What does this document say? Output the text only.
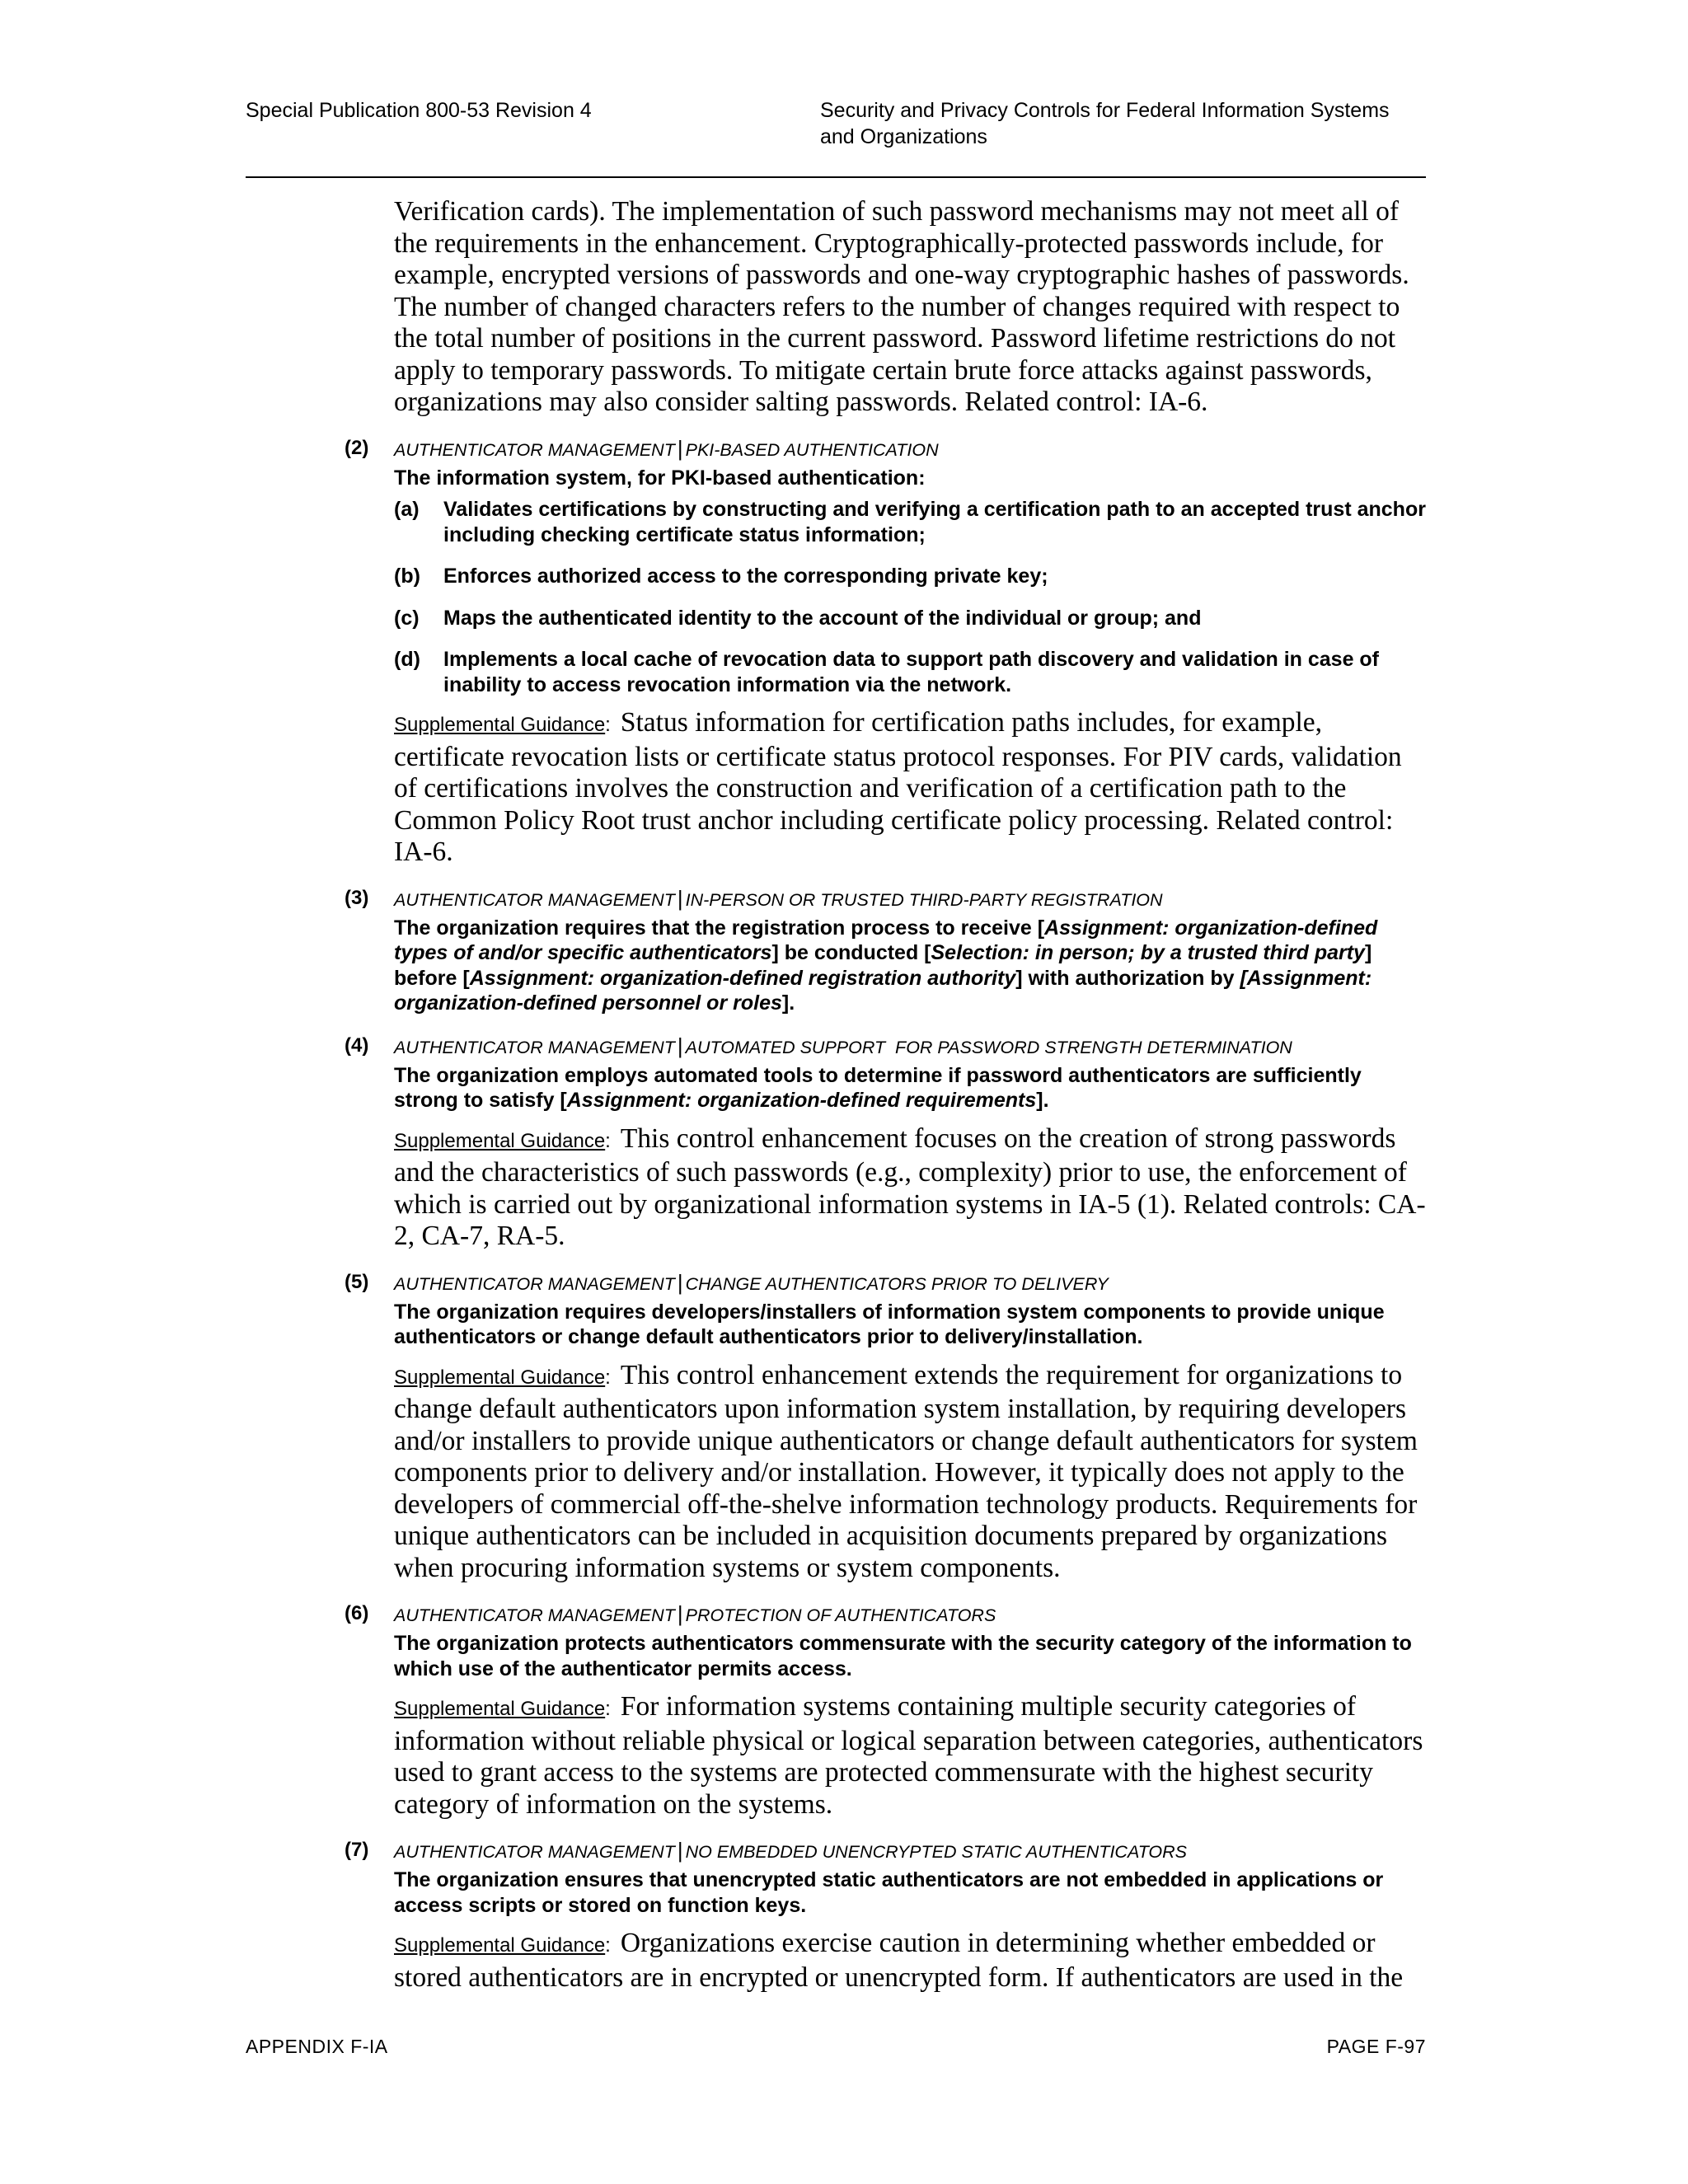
Special Publication 800-53 Revision 4	Security and Privacy Controls for Federal Information Systems
and Organizations

Verification cards). The implementation of such password mechanisms may not meet all of the requirements in the enhancement. Cryptographically-protected passwords include, for example, encrypted versions of passwords and one-way cryptographic hashes of passwords. The number of changed characters refers to the number of changes required with respect to the total number of positions in the current password. Password lifetime restrictions do not apply to temporary passwords. To mitigate certain brute force attacks against passwords, organizations may also consider salting passwords. Related control: IA-6.

(2) AUTHENTICATOR MANAGEMENT | PKI-BASED AUTHENTICATION
The information system, for PKI-based authentication:
(a) Validates certifications by constructing and verifying a certification path to an accepted trust anchor including checking certificate status information;
(b) Enforces authorized access to the corresponding private key;
(c) Maps the authenticated identity to the account of the individual or group; and
(d) Implements a local cache of revocation data to support path discovery and validation in case of inability to access revocation information via the network.
Supplemental Guidance: Status information for certification paths includes, for example, certificate revocation lists or certificate status protocol responses. For PIV cards, validation of certifications involves the construction and verification of a certification path to the Common Policy Root trust anchor including certificate policy processing. Related control: IA-6.
(3) AUTHENTICATOR MANAGEMENT | IN-PERSON OR TRUSTED THIRD-PARTY REGISTRATION
The organization requires that the registration process to receive [Assignment: organization-defined types of and/or specific authenticators] be conducted [Selection: in person; by a trusted third party] before [Assignment: organization-defined registration authority] with authorization by [Assignment: organization-defined personnel or roles].
(4) AUTHENTICATOR MANAGEMENT | AUTOMATED SUPPORT  FOR PASSWORD STRENGTH DETERMINATION
The organization employs automated tools to determine if password authenticators are sufficiently strong to satisfy [Assignment: organization-defined requirements].
Supplemental Guidance: This control enhancement focuses on the creation of strong passwords and the characteristics of such passwords (e.g., complexity) prior to use, the enforcement of which is carried out by organizational information systems in IA-5 (1). Related controls: CA-2, CA-7, RA-5.
(5) AUTHENTICATOR MANAGEMENT | CHANGE AUTHENTICATORS PRIOR TO DELIVERY
The organization requires developers/installers of information system components to provide unique authenticators or change default authenticators prior to delivery/installation.
Supplemental Guidance: This control enhancement extends the requirement for organizations to change default authenticators upon information system installation, by requiring developers and/or installers to provide unique authenticators or change default authenticators for system components prior to delivery and/or installation. However, it typically does not apply to the developers of commercial off-the-shelve information technology products. Requirements for unique authenticators can be included in acquisition documents prepared by organizations when procuring information systems or system components.
(6) AUTHENTICATOR MANAGEMENT | PROTECTION OF AUTHENTICATORS
The organization protects authenticators commensurate with the security category of the information to which use of the authenticator permits access.
Supplemental Guidance: For information systems containing multiple security categories of information without reliable physical or logical separation between categories, authenticators used to grant access to the systems are protected commensurate with the highest security category of information on the systems.
(7) AUTHENTICATOR MANAGEMENT | NO EMBEDDED UNENCRYPTED STATIC AUTHENTICATORS
The organization ensures that unencrypted static authenticators are not embedded in applications or access scripts or stored on function keys.
Supplemental Guidance: Organizations exercise caution in determining whether embedded or stored authenticators are in encrypted or unencrypted form. If authenticators are used in the
APPENDIX F-IA	PAGE F-97
